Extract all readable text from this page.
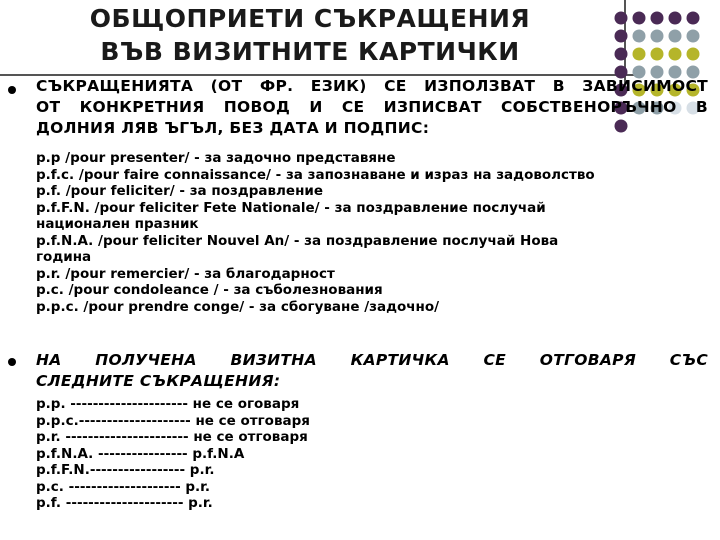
ОБЩОПРИЕТИ СЪКРАЩЕНИЯ
ВЪВ ВИЗИТНИТЕ КАРТИЧКИ
СЪКРАЩЕНИЯТА (ОТ ФР. ЕЗИК) СЕ ИЗПОЛЗВАТ В ЗАВИСИМОСТ
ОТ КОНКРЕТНИЯ ПОВОД И СЕ ИЗПИСВАТ СОБСТВЕНОРЪЧНО В
ДОЛНИЯ ЛЯВ ЪГЪЛ, БЕЗ ДАТА И ПОДПИС:
p.p /pour presenter/ - за задочно представяне
p.f.c. /pour faire connaissance/ - за запознаване и израз на задоволство
p.f. /pour feliciter/ - за поздравление
p.f.F.N. /pour feliciter Fete Nationale/ - за поздравление послучай
национален празник
p.f.N.A. /pour feliciter Nouvel An/ - за поздравление послучай Нова
година
p.r. /pour remercier/ - за благодарност
p.c. /pour condoleance / - за съболезнования
p.p.c. /pour prendre conge/ - за сбогуване /задочно/
НА ПОЛУЧЕНА ВИЗИТНА КАРТИЧКА СЕ ОТГОВАРЯ СЪС
СЛЕДНИТЕ СЪКРАЩЕНИЯ:
p.p. --------------------- не се оговаря
p.p.c.-------------------- не се отговаря
p.r. ---------------------- не се отговаря
p.f.N.A. ---------------- p.f.N.A
p.f.F.N.----------------- p.r.
p.c. -------------------- p.r.
p.f. --------------------- p.r.
